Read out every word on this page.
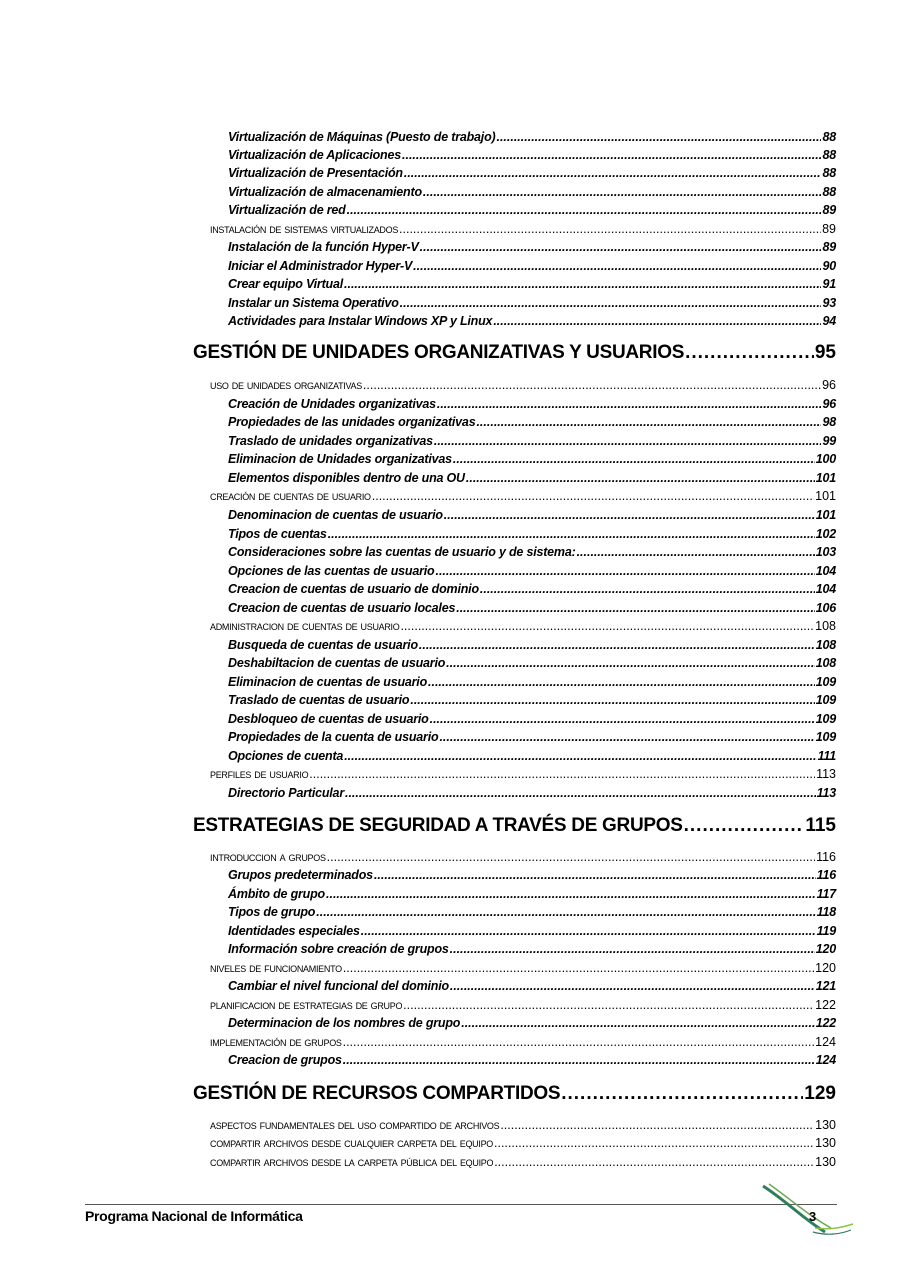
Virtualización de Máquinas (Puesto de trabajo) .....	88
Virtualización de Aplicaciones .....	88
Virtualización de Presentación .....	88
Virtualización de almacenamiento .....	88
Virtualización de red .....	89
instalación de sistemas virtualizados .....	89
Instalación de la función Hyper-V .....	89
Iniciar el Administrador Hyper-V .....	90
Crear equipo Virtual .....	91
Instalar un Sistema Operativo .....	93
Actividades para Instalar Windows XP y Linux .....	94
GESTIÓN DE UNIDADES ORGANIZATIVAS Y USUARIOS .....	95
uso de unidades organizativas .....	96
Creación de Unidades organizativas .....	96
Propiedades de las unidades organizativas .....	98
Traslado de unidades organizativas .....	99
Eliminacion de Unidades organizativas .....	100
Elementos disponibles dentro de una OU .....	101
creación de cuentas de usuario .....	101
Denominacion de cuentas de usuario .....	101
Tipos de cuentas .....	102
Consideraciones sobre las cuentas de usuario y de sistema: .....	103
Opciones de las cuentas de usuario .....	104
Creacion de cuentas de usuario de dominio .....	104
Creacion de cuentas de usuario locales .....	106
administracion de cuentas de usuario .....	108
Busqueda de cuentas de usuario .....	108
Deshabiltacion de cuentas de usuario .....	108
Eliminacion de cuentas de usuario .....	109
Traslado de cuentas de usuario .....	109
Desbloqueo de cuentas de usuario .....	109
Propiedades de la cuenta de usuario .....	109
Opciones de cuenta .....	111
perfiles de usuario .....	113
Directorio Particular .....	113
ESTRATEGIAS DE SEGURIDAD A TRAVÉS DE GRUPOS .....	115
introduccion a grupos .....	116
Grupos predeterminados .....	116
Ámbito de grupo .....	117
Tipos de grupo .....	118
Identidades especiales .....	119
Información sobre creación de grupos .....	120
niveles de funcionamiento .....	120
Cambiar el nivel funcional del dominio .....	121
planificacion de estrategias de grupo .....	122
Determinacion de los nombres de grupo .....	122
implementación de grupos .....	124
Creacion de grupos .....	124
GESTIÓN DE RECURSOS COMPARTIDOS .....	129
aspectos fundamentales del uso compartido de archivos .....	130
compartir archivos desde cualquier carpeta del equipo .....	130
compartir archivos desde la carpeta pública del equipo .....	130
Programa Nacional de Informática	3
